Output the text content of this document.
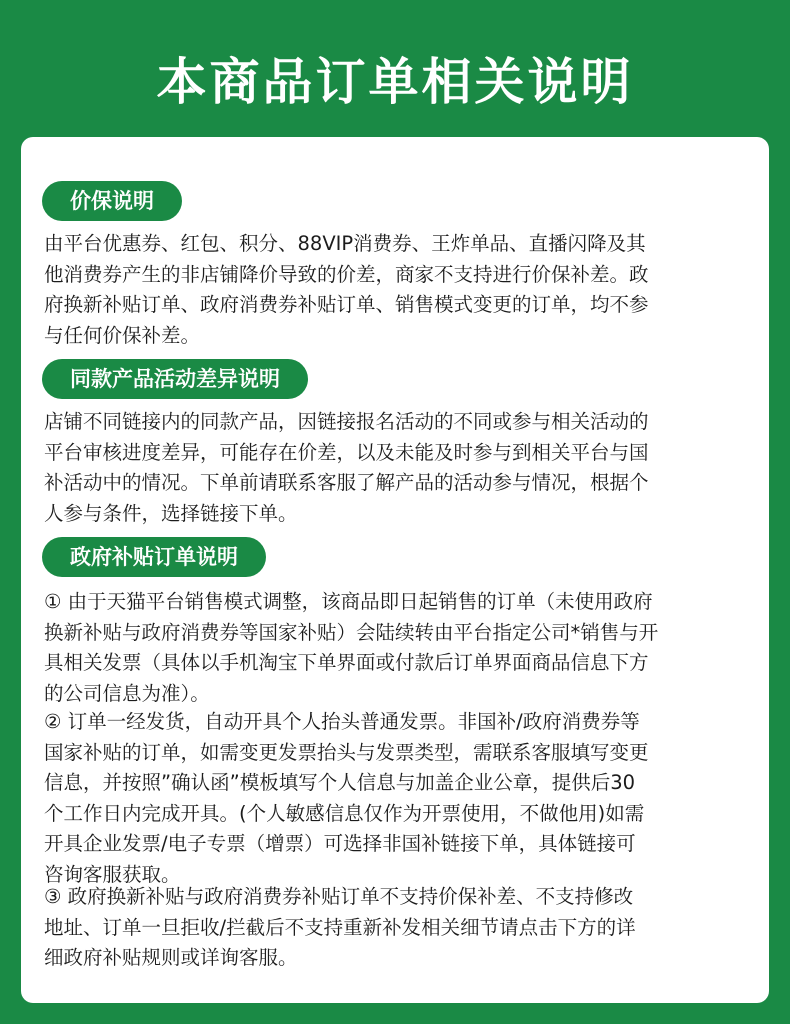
本商品订单相关说明
价保说明

由平台优惠券、红包、积分、88VIP消费券、王炸单品、直播闪降及其
他消费券产生的非店铺降价导致的价差，商家不支持进行价保补差。政
府换新补贴订单、政府消费券补贴订单、销售模式变更的订单，均不参
与任何价保补差。

同款产品活动差异说明

店铺不同链接内的同款产品，因链接报名活动的不同或参与相关活动的
平台审核进度差异，可能存在价差，以及未能及时参与到相关平台与国
补活动中的情况。下单前请联系客服了解产品的活动参与情况，根据个
人参与条件，选择链接下单。

政府补贴订单说明

① 由于天猫平台销售模式调整，该商品即日起销售的订单（未使用政府
换新补贴与政府消费券等国家补贴）会陆续转由平台指定公司*销售与开
具相关发票（具体以手机淘宝下单界面或付款后订单界面商品信息下方
的公司信息为准）。

② 订单一经发货，自动开具个人抬头普通发票。非国补/政府消费券等
国家补贴的订单，如需变更发票抬头与发票类型，需联系客服填写变更
信息，并按照”确认函”模板填写个人信息与加盖企业公章，提供后30
个工作日内完成开具。(个人敏感信息仅作为开票使用，不做他用)如需
开具企业发票/电子专票（增票）可选择非国补链接下单，具体链接可
咨询客服获取。

③ 政府换新补贴与政府消费券补贴订单不支持价保补差、不支持修改
地址、订单一旦拒收/拦截后不支持重新补发相关细节请点击下方的详
细政府补贴规则或详询客服。
